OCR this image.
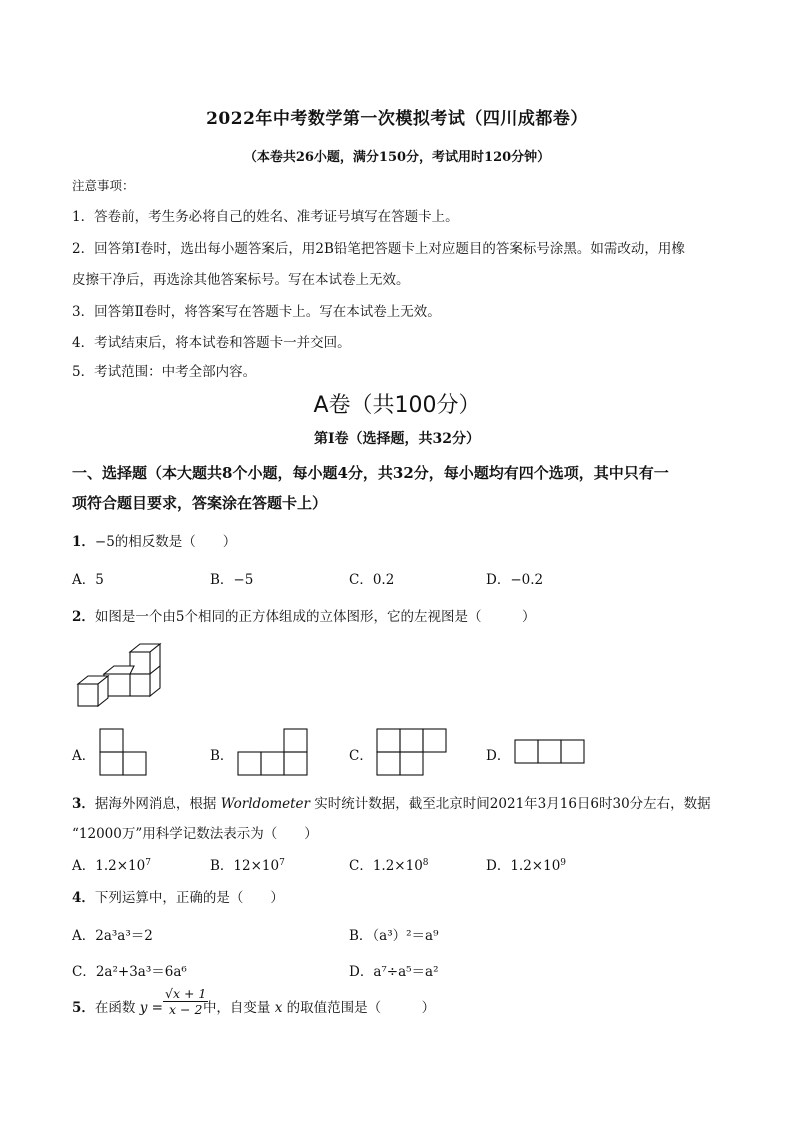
2022年中考数学第一次模拟考试（四川成都卷）
（本卷共26小题，满分150分，考试用时120分钟）
注意事项：
1．答卷前，考生务必将自己的姓名、准考证号填写在答题卡上。
2．回答第Ⅰ卷时，选出每小题答案后，用2B铅笔把答题卡上对应题目的答案标号涂黑。如需改动，用橡
皮擦干净后，再选涂其他答案标号。写在本试卷上无效。
3．回答第Ⅱ卷时，将答案写在答题卡上。写在本试卷上无效。
4．考试结束后，将本试卷和答题卡一并交回。
5．考试范围：中考全部内容。
A卷（共100分）
第Ⅰ卷（选择题，共32分）
一、选择题（本大题共8个小题，每小题4分，共32分，每小题均有四个选项，其中只有一
项符合题目要求，答案涂在答题卡上）
1．−5的相反数是（　　）
A．5	B．−5	C．0.2	D．−0.2
2．如图是一个由5个相同的正方体组成的立体图形，它的左视图是（　　　）
A．	B．	C．	D．
3．据海外网消息，根据 Worldometer 实时统计数据，截至北京时间2021年3月16日6时30分左右，数据
“12000万”用科学记数法表示为（　　）
A．$1.2\times 10^7$	B．$12\times 10^7$	C．$1.2\times 10^8$	D．$1.2\times 10^9$
4．下列运算中，正确的是（　　）
A．2a³a³＝2	B．（a³）²＝a⁹
C．2a²+3a³＝6a⁶	D．a⁷÷a⁵＝a²
5．在函数 y =	中，自变量 x 的取值范围是（　　　）
√x + 1
x − 2
